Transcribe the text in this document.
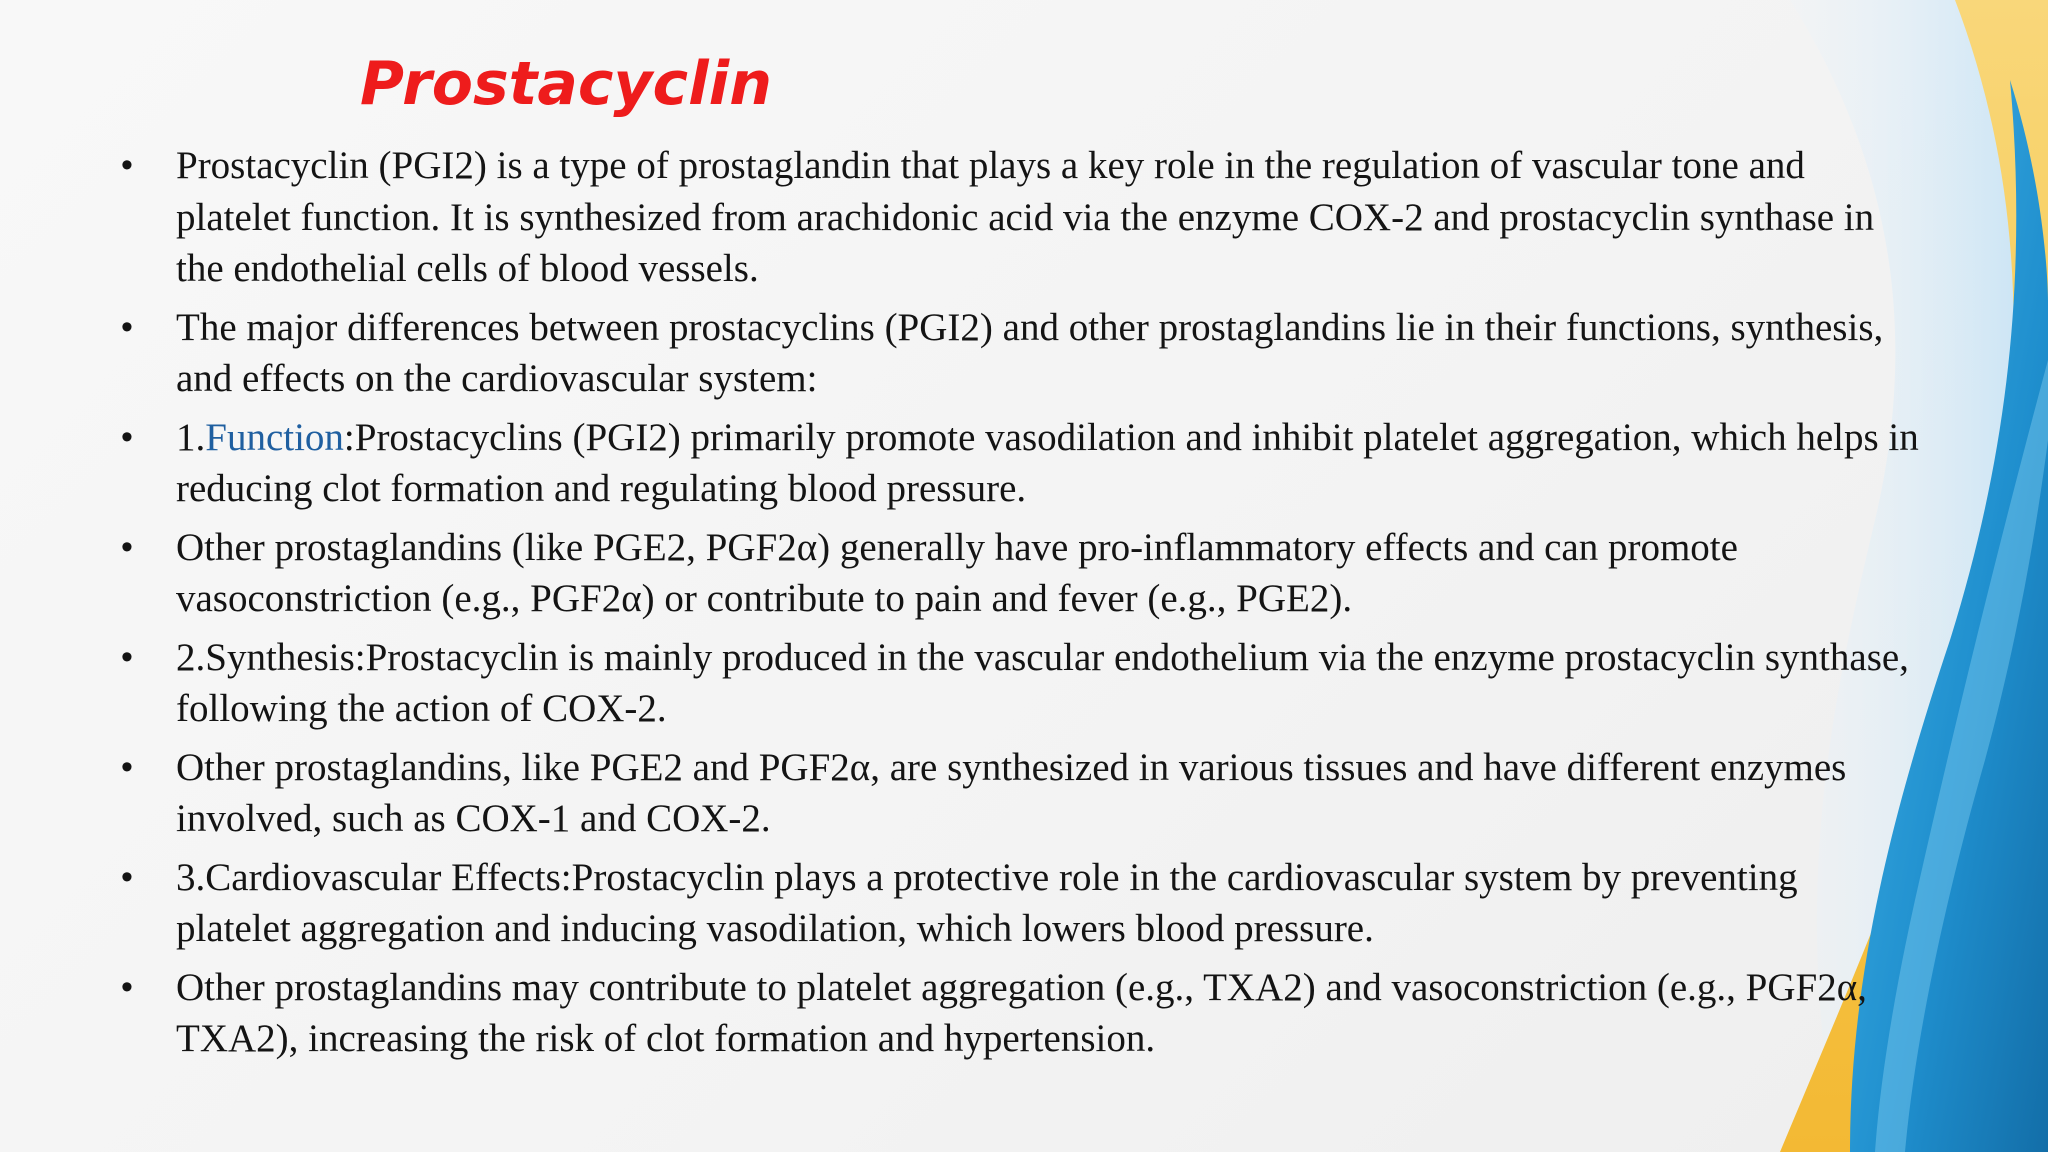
Prostacyclin
• Prostacyclin (PGI2) is a type of prostaglandin that plays a key role in the regulation of vascular tone and platelet function. It is synthesized from arachidonic acid via the enzyme COX-2 and prostacyclin synthase in the endothelial cells of blood vessels.
• The major differences between prostacyclins (PGI2) and other prostaglandins lie in their functions, synthesis, and effects on the cardiovascular system:
• 1.Function:Prostacyclins (PGI2) primarily promote vasodilation and inhibit platelet aggregation, which helps in reducing clot formation and regulating blood pressure.
• Other prostaglandins (like PGE2, PGF2α) generally have pro-inflammatory effects and can promote vasoconstriction (e.g., PGF2α) or contribute to pain and fever (e.g., PGE2).
• 2.Synthesis:Prostacyclin is mainly produced in the vascular endothelium via the enzyme prostacyclin synthase, following the action of COX-2.
• Other prostaglandins, like PGE2 and PGF2α, are synthesized in various tissues and have different enzymes involved, such as COX-1 and COX-2.
• 3.Cardiovascular Effects:Prostacyclin plays a protective role in the cardiovascular system by preventing platelet aggregation and inducing vasodilation, which lowers blood pressure.
• Other prostaglandins may contribute to platelet aggregation (e.g., TXA2) and vasoconstriction (e.g., PGF2α, TXA2), increasing the risk of clot formation and hypertension.
